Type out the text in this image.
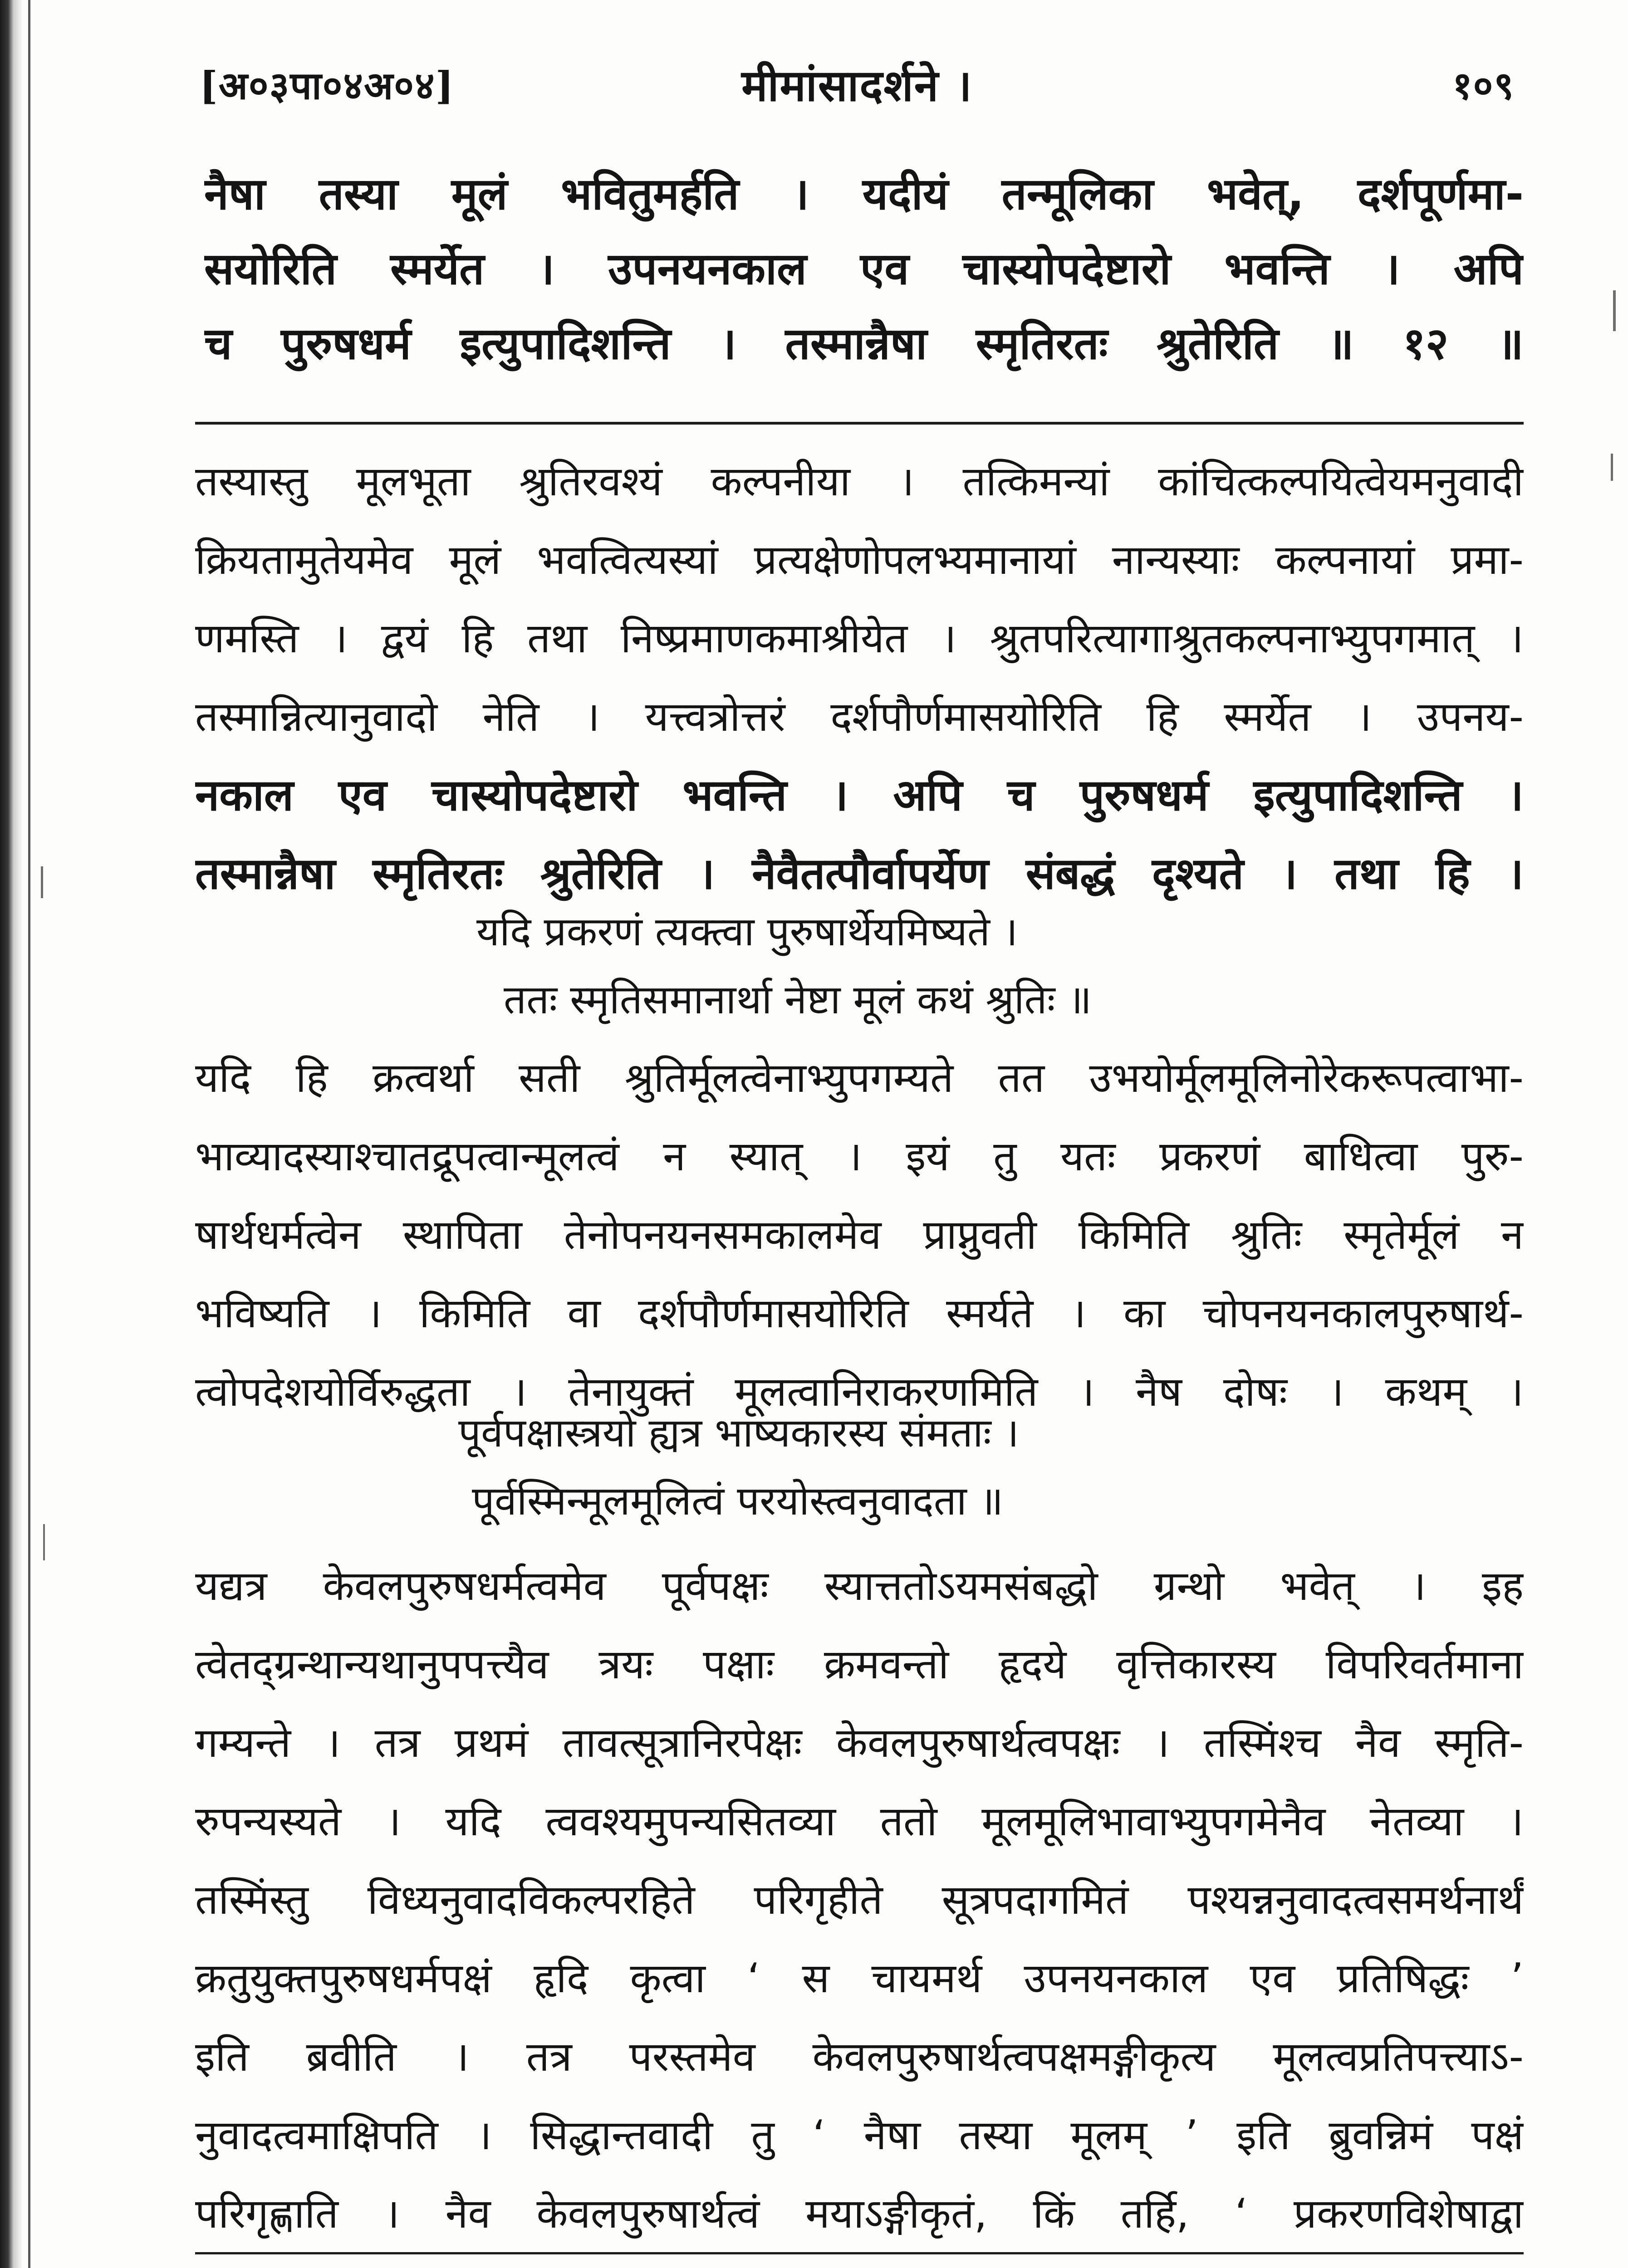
[अ०३पा०४अ०४]	मीमांसादर्शने ।	१०९
नैषा तस्या मूलं भवितुमर्हति । यदीयं तन्मूलिका भवेत्, दर्शपूर्णमा-
सयोरिति स्मर्येत । उपनयनकाल एव चास्योपदेष्टारो भवन्ति । अपि
च पुरुषधर्म इत्युपादिशन्ति । तस्मान्नैषा स्मृतिरतः श्रुतेरिति ॥ १२ ॥
तस्यास्तु मूलभूता श्रुतिरवश्यं कल्पनीया । तत्किमन्यां कांचित्कल्पयित्वेयमनुवादी
क्रियतामुतेयमेव मूलं भवत्वित्यस्यां प्रत्यक्षेणोपलभ्यमानायां नान्यस्याः कल्पनायां प्रमा-
णमस्ति । द्वयं हि तथा निष्प्रमाणकमाश्रीयेत । श्रुतपरित्यागाश्रुतकल्पनाभ्युपगमात् ।
तस्मान्नित्यानुवादो नेति । यत्त्वत्रोत्तरं दर्शपौर्णमासयोरिति हि स्मर्येत । उपनय-
नकाल एव चास्योपदेष्टारो भवन्ति । अपि च पुरुषधर्म इत्युपादिशन्ति ।
तस्मान्नैषा स्मृतिरतः श्रुतेरिति । नैवैतत्पौर्वापर्येण संबद्धं दृश्यते । तथा हि ।
यदि प्रकरणं त्यक्त्वा पुरुषार्थेयमिष्यते ।
ततः स्मृतिसमानार्था नेष्टा मूलं कथं श्रुतिः ॥
यदि हि क्रत्वर्था सती श्रुतिर्मूलत्वेनाभ्युपगम्यते तत उभयोर्मूलमूलिनोरेकरूपत्वाभा-
भाव्यादस्याश्चातद्रूपत्वान्मूलत्वं न स्यात् । इयं तु यतः प्रकरणं बाधित्वा पुरु-
षार्थधर्मत्वेन स्थापिता तेनोपनयनसमकालमेव प्राप्नुवती किमिति श्रुतिः स्मृतेर्मूलं न
भविष्यति । किमिति वा दर्शपौर्णमासयोरिति स्मर्यते । का चोपनयनकालपुरुषार्थ-
त्वोपदेशयोर्विरुद्धता । तेनायुक्तं मूलत्वानिराकरणमिति । नैष दोषः । कथम् ।
पूर्वपक्षास्त्रयो ह्यत्र भाष्यकारस्य संमताः ।
पूर्वस्मिन्मूलमूलित्वं परयोस्त्वनुवादता ॥
यद्यत्र केवलपुरुषधर्मत्वमेव पूर्वपक्षः स्यात्ततोऽयमसंबद्धो ग्रन्थो भवेत् । इह
त्वेतद्ग्रन्थान्यथानुपपत्त्यैव त्रयः पक्षाः क्रमवन्तो हृदये वृत्तिकारस्य विपरिवर्तमाना
गम्यन्ते । तत्र प्रथमं तावत्सूत्रानिरपेक्षः केवलपुरुषार्थत्वपक्षः । तस्मिंश्च नैव स्मृति-
रुपन्यस्यते । यदि त्ववश्यमुपन्यसितव्या ततो मूलमूलिभावाभ्युपगमेनैव नेतव्या ।
तस्मिंस्तु विध्यनुवादविकल्परहिते परिगृहीते सूत्रपदागमितं पश्यन्ननुवादत्वसमर्थनार्थं
क्रतुयुक्तपुरुषधर्मपक्षं हृदि कृत्वा ‘ स चायमर्थ उपनयनकाल एव प्रतिषिद्धः ’
इति ब्रवीति । तत्र परस्तमेव केवलपुरुषार्थत्वपक्षमङ्गीकृत्य मूलत्वप्रतिपत्त्याऽ-
नुवादत्वमाक्षिपति । सिद्धान्तवादी तु ‘ नैषा तस्या मूलम् ’ इति ब्रुवन्निमं पक्षं
परिगृह्णाति । नैव केवलपुरुषार्थत्वं मयाऽङ्गीकृतं, किं तर्हि, ‘ प्रकरणविशेषाद्वा
